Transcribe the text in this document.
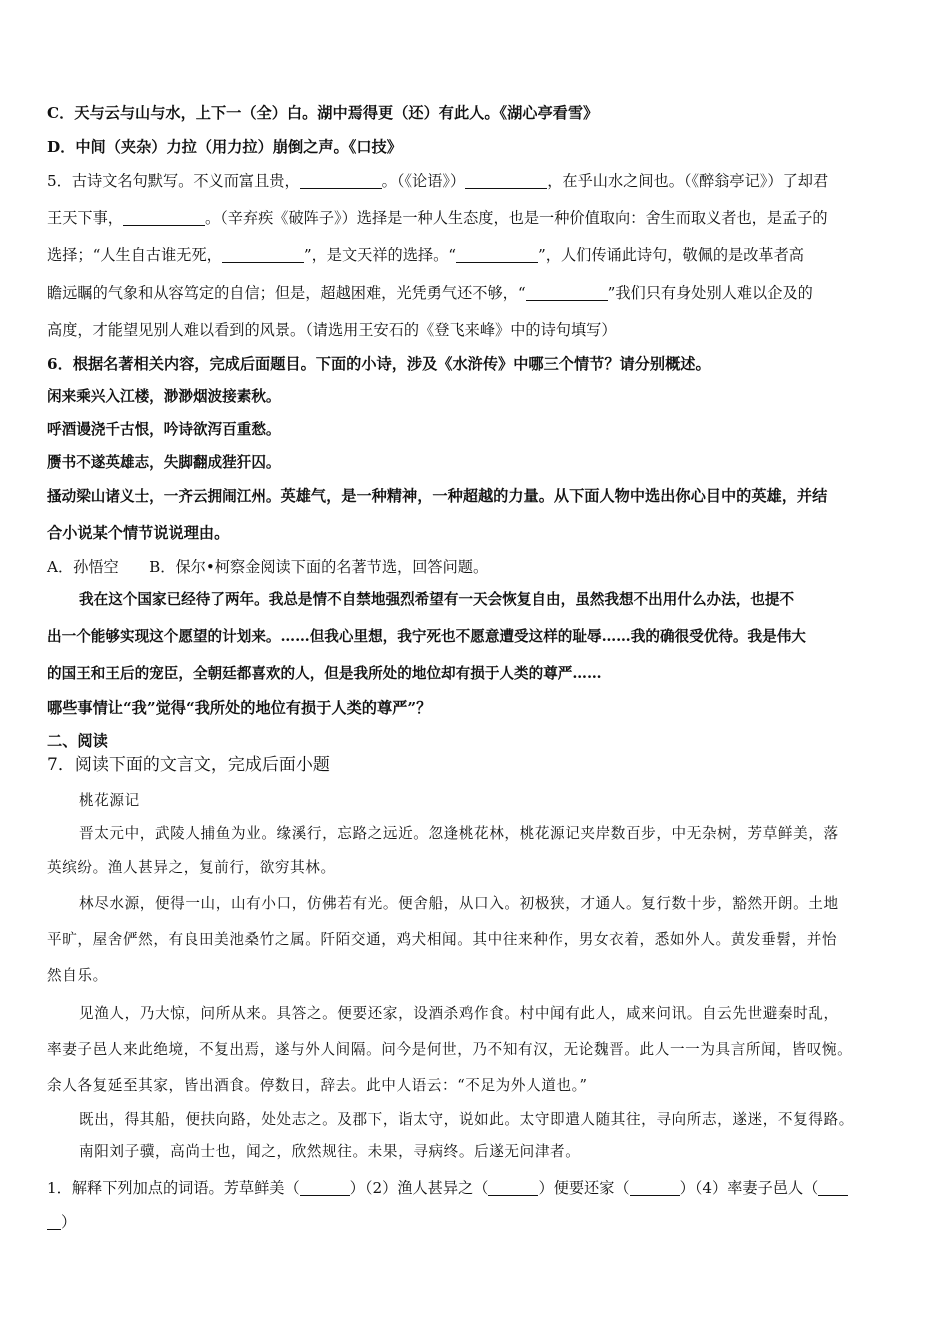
C．天与云与山与水，上下一（全）白。湖中焉得更（还）有此人。《湖心亭看雪》
D．中间（夹杂）力拉（用力拉）崩倒之声。《口技》
5．古诗文名句默写。不义而富且贵，	。（《论语》）	，在乎山水之间也。（《醉翁亭记》）了却君
王天下事，	。（辛弃疾《破阵子》）选择是一种人生态度，也是一种价值取向：舍生而取义者也，是孟子的
选择；“人生自古谁无死，	”，是文天祥的选择。“	”，人们传诵此诗句，敬佩的是改革者高
瞻远瞩的气象和从容笃定的自信；但是，超越困难，光凭勇气还不够，“	”我们只有身处别人难以企及的
高度，才能望见别人难以看到的风景。（请选用王安石的《登飞来峰》中的诗句填写）
6．根据名著相关内容，完成后面题目。下面的小诗，涉及《水浒传》中哪三个情节？请分别概述。
闲来乘兴入江楼，渺渺烟波接素秋。
呼酒谩浇千古恨，吟诗欲泻百重愁。
赝书不遂英雄志，失脚翻成狴犴囚。
搔动梁山诸义士，一齐云拥闹江州。英雄气，是一种精神，一种超越的力量。从下面人物中选出你心目中的英雄，并结
合小说某个情节说说理由。
A．孙悟空　　B．保尔•柯察金阅读下面的名著节选，回答问题。
我在这个国家已经待了两年。我总是情不自禁地强烈希望有一天会恢复自由，虽然我想不出用什么办法，也提不
出一个能够实现这个愿望的计划来。……但我心里想，我宁死也不愿意遭受这样的耻辱……我的确很受优待。我是伟大
的国王和王后的宠臣，全朝廷都喜欢的人，但是我所处的地位却有损于人类的尊严……
哪些事情让“我”觉得“我所处的地位有损于人类的尊严”？
二、阅读
7．阅读下面的文言文，完成后面小题
桃花源记
晋太元中，武陵人捕鱼为业。缘溪行，忘路之远近。忽逢桃花林，桃花源记夹岸数百步，中无杂树，芳草鲜美，落
英缤纷。渔人甚异之，复前行，欲穷其林。
林尽水源，便得一山，山有小口，仿佛若有光。便舍船，从口入。初极狭，才通人。复行数十步，豁然开朗。土地
平旷，屋舍俨然，有良田美池桑竹之属。阡陌交通，鸡犬相闻。其中往来种作，男女衣着，悉如外人。黄发垂髫，并怡
然自乐。
见渔人，乃大惊，问所从来。具答之。便要还家，设酒杀鸡作食。村中闻有此人，咸来问讯。自云先世避秦时乱，
率妻子邑人来此绝境，不复出焉，遂与外人间隔。问今是何世，乃不知有汉，无论魏晋。此人一一为具言所闻，皆叹惋。
余人各复延至其家，皆出酒食。停数日，辞去。此中人语云：“不足为外人道也。”
既出，得其船，便扶向路，处处志之。及郡下，诣太守，说如此。太守即遣人随其往，寻向所志，遂迷，不复得路。
南阳刘子骥，高尚士也，闻之，欣然规往。未果，寻病终。后遂无问津者。
1．解释下列加点的词语。芳草鲜美（	）（2）渔人甚异之（	）便要还家（	）（4）率妻子邑人（
）
